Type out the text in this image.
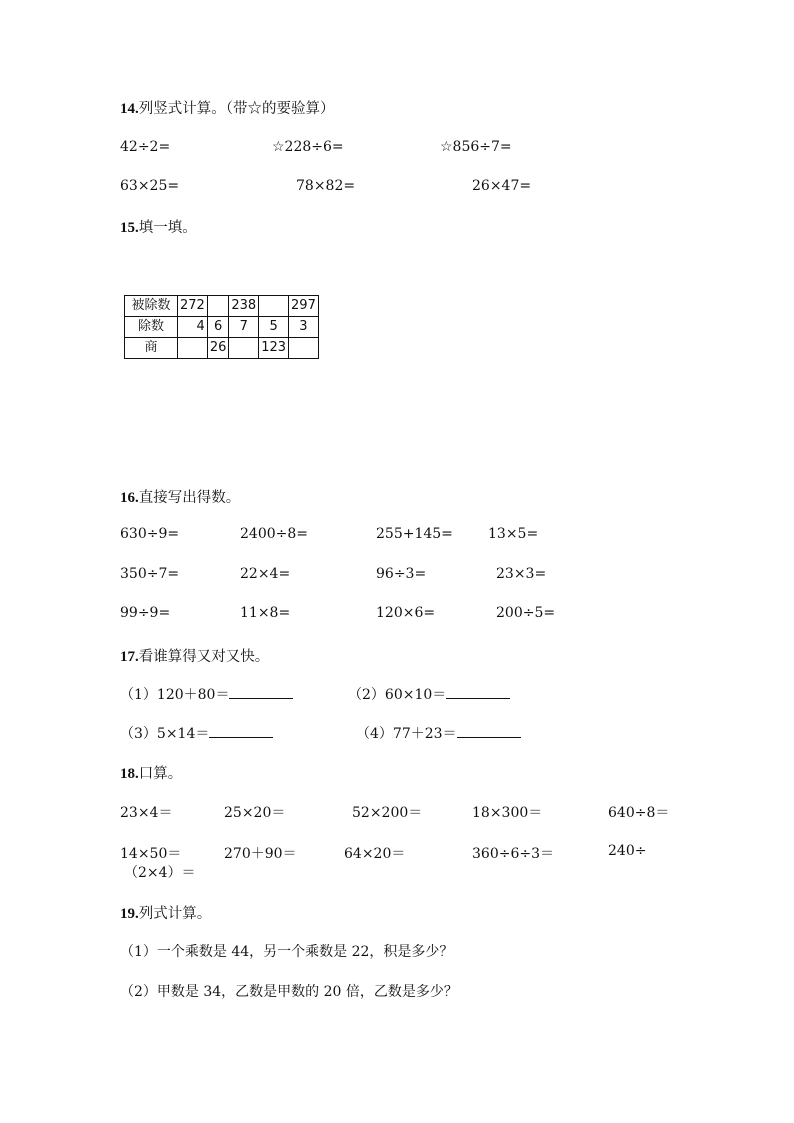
14.列竖式计算。（带☆的要验算）
42÷2=	☆228÷6=	☆856÷7=
63×25=	78×82=	26×47=
15.填一填。
被除数	272		238		297
除数	4	6	7	5	3
商		26		123	
16.直接写出得数。
630÷9=	2400÷8=	255+145=	13×5=
350÷7=	22×4=	96÷3=	23×3=
99÷9=	11×8=	120×6=	200÷5=
17.看谁算得又对又快。
（1）120＋80＝	（2）60×10＝
（3）5×14＝	（4）77＋23＝
18.口算。
23×4＝	25×20＝	52×200＝	18×300＝	640÷8＝
14×50＝	270＋90＝	64×20＝	360÷6÷3＝	240÷
（2×4）＝
19.列式计算。
（1）一个乘数是 44，另一个乘数是 22，积是多少？
（2）甲数是 34，乙数是甲数的 20 倍，乙数是多少？
